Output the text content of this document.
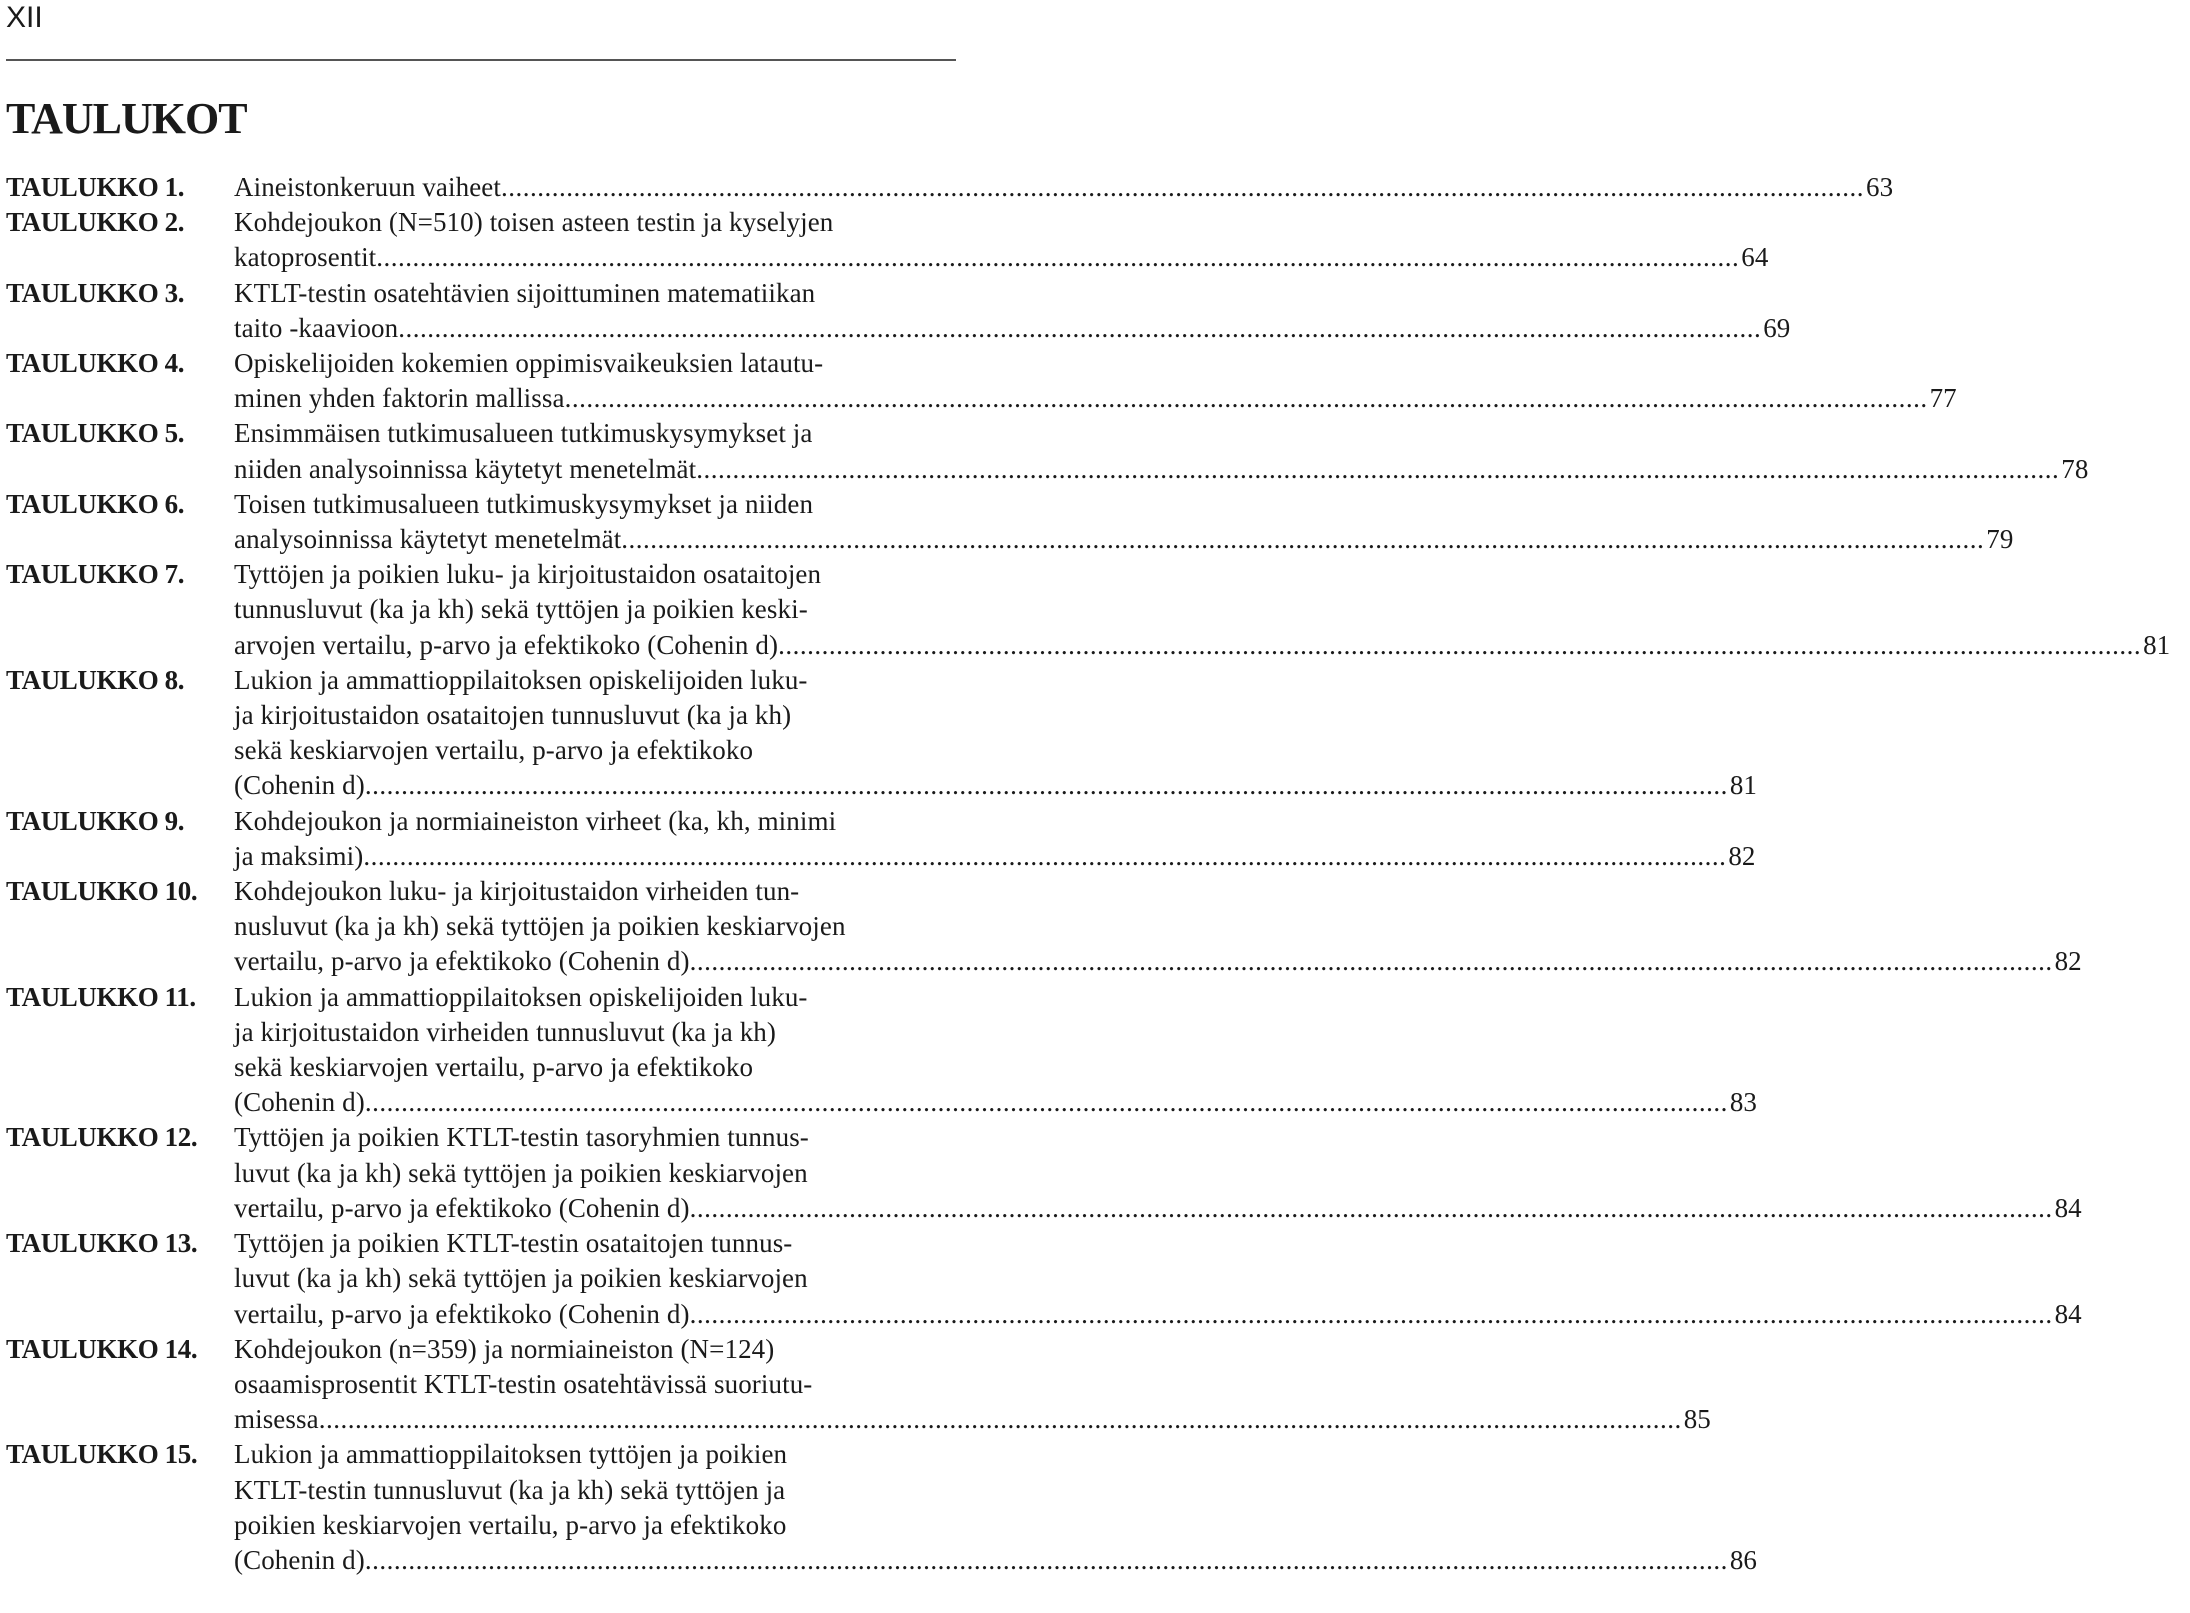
XII
TAULUKOT
TAULUKKO 1.	Aineistonkeruun vaiheet .....	63
TAULUKKO 2.	Kohdejoukon (N=510) toisen asteen testin ja kyselyjen
katoprosentit .....	64
TAULUKKO 3.	KTLT-testin osatehtävien sijoittuminen matematiikan
taito -kaavioon .....	69
TAULUKKO 4.	Opiskelijoiden kokemien oppimisvaikeuksien latautu-
minen yhden faktorin mallissa .....	77
TAULUKKO 5.	Ensimmäisen tutkimusalueen tutkimuskysymykset ja
niiden analysoinnissa käytetyt menetelmät .....	78
TAULUKKO 6.	Toisen tutkimusalueen tutkimuskysymykset ja niiden
analysoinnissa käytetyt menetelmät .....	79
TAULUKKO 7.	Tyttöjen ja poikien luku- ja kirjoitustaidon osataitojen
tunnusluvut (ka ja kh) sekä tyttöjen ja poikien keski-
arvojen vertailu, p-arvo ja efektikoko (Cohenin d) .....	81
TAULUKKO 8.	Lukion ja ammattioppilaitoksen opiskelijoiden luku-
ja kirjoitustaidon osataitojen tunnusluvut (ka ja kh)
sekä keskiarvojen vertailu, p-arvo ja efektikoko
(Cohenin d) .....	81
TAULUKKO 9.	Kohdejoukon ja normiaineiston virheet (ka, kh, minimi
ja maksimi) .....	82
TAULUKKO 10.	Kohdejoukon luku- ja kirjoitustaidon virheiden tun-
nusluvut (ka ja kh) sekä tyttöjen ja poikien keskiarvojen
vertailu, p-arvo ja efektikoko (Cohenin d) .....	82
TAULUKKO 11.	Lukion ja ammattioppilaitoksen opiskelijoiden luku-
ja kirjoitustaidon virheiden tunnusluvut (ka ja kh)
sekä keskiarvojen vertailu, p-arvo ja efektikoko
(Cohenin d) .....	83
TAULUKKO 12.	Tyttöjen ja poikien KTLT-testin tasoryhmien tunnus-
luvut (ka ja kh) sekä tyttöjen ja poikien keskiarvojen
vertailu, p-arvo ja efektikoko (Cohenin d) .....	84
TAULUKKO 13.	Tyttöjen ja poikien KTLT-testin osataitojen tunnus-
luvut (ka ja kh) sekä tyttöjen ja poikien keskiarvojen
vertailu, p-arvo ja efektikoko (Cohenin d) .....	84
TAULUKKO 14.	Kohdejoukon (n=359) ja normiaineiston (N=124)
osaamisprosentit KTLT-testin osatehtävissä suoriutu-
misessa .....	85
TAULUKKO 15.	Lukion ja ammattioppilaitoksen tyttöjen ja poikien
KTLT-testin tunnusluvut (ka ja kh) sekä tyttöjen ja
poikien keskiarvojen vertailu, p-arvo ja efektikoko
(Cohenin d) .....	86
